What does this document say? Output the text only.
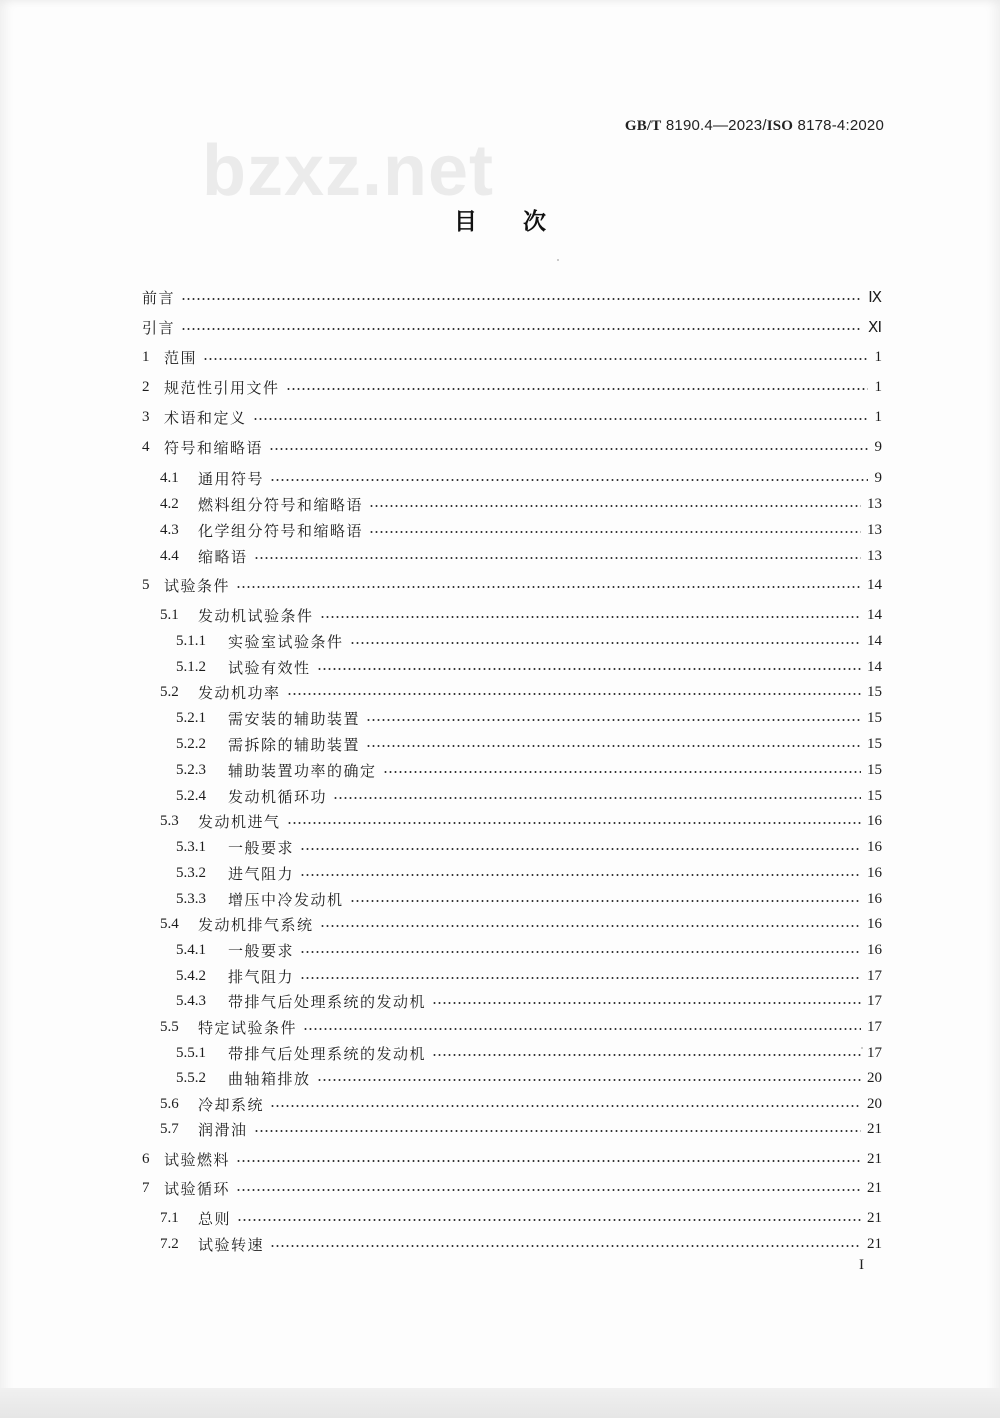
bzxz.net
GB/T 8190.4—2023/ISO 8178-4:2020
目次
前言	Ⅸ
引言	Ⅺ
1 范围	1
2 规范性引用文件	1
3 术语和定义	1
4 符号和缩略语	9
4.1	通用符号	9
4.2	燃料组分符号和缩略语	13
4.3	化学组分符号和缩略语	13
4.4	缩略语	13
5 试验条件	14
5.1	发动机试验条件	14
5.1.1	实验室试验条件	14
5.1.2	试验有效性	14
5.2	发动机功率	15
5.2.1	需安装的辅助装置	15
5.2.2	需拆除的辅助装置	15
5.2.3	辅助装置功率的确定	15
5.2.4	发动机循环功	15
5.3	发动机进气	16
5.3.1	一般要求	16
5.3.2	进气阻力	16
5.3.3	增压中冷发动机	16
5.4	发动机排气系统	16
5.4.1	一般要求	16
5.4.2	排气阻力	17
5.4.3	带排气后处理系统的发动机	17
5.5	特定试验条件	17
5.5.1	带排气后处理系统的发动机	17
5.5.2	曲轴箱排放	20
5.6	冷却系统	20
5.7	润滑油	21
6 试验燃料	21
7 试验循环	21
7.1	总则	21
7.2	试验转速	21
I
